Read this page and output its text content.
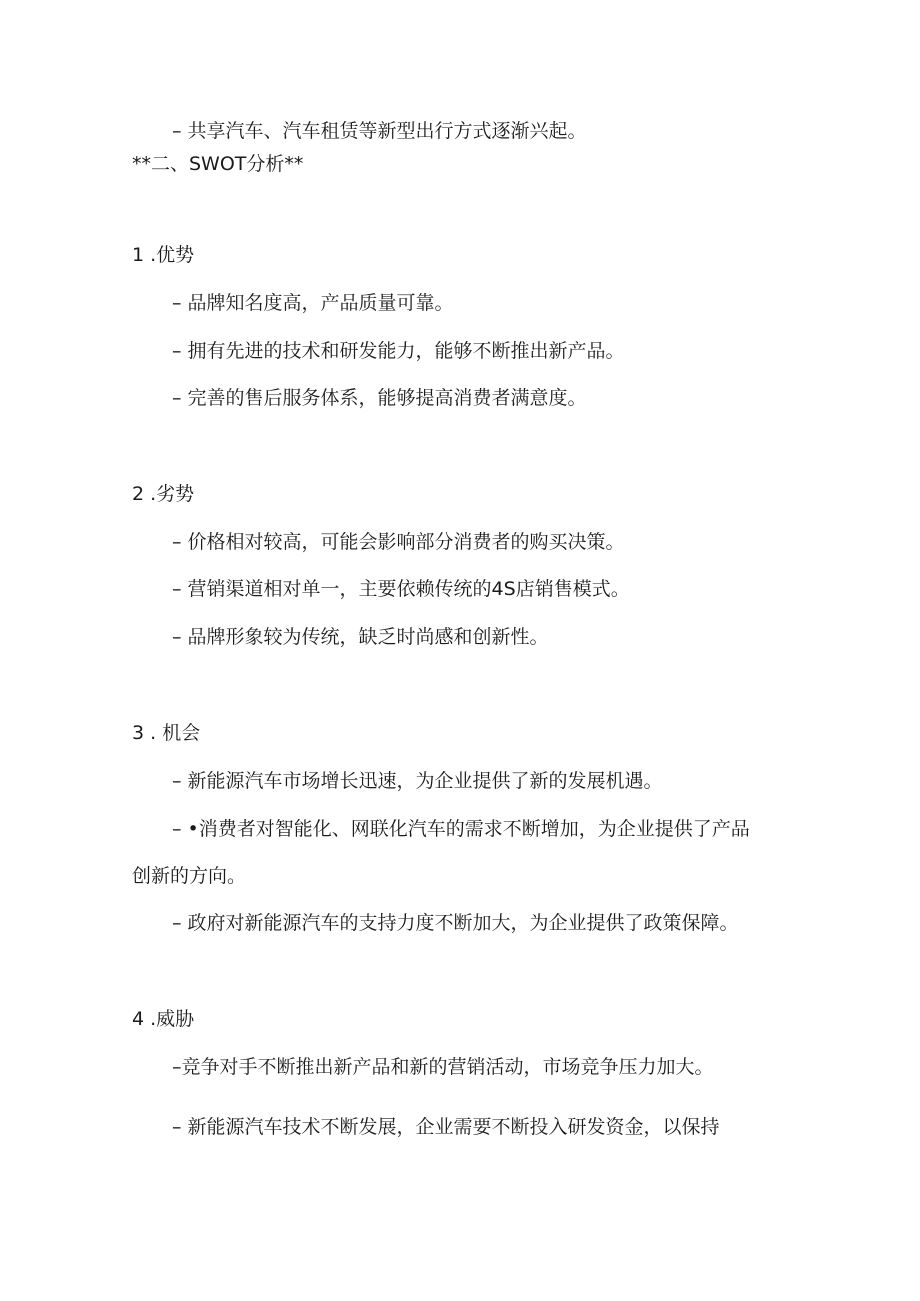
– 共享汽车、汽车租赁等新型出行方式逐渐兴起。
**二、SWOT分析**
1 .优势
– 品牌知名度高，产品质量可靠。
– 拥有先进的技术和研发能力，能够不断推出新产品。
– 完善的售后服务体系，能够提高消费者满意度。
2 .劣势
– 价格相对较高，可能会影响部分消费者的购买决策。
– 营销渠道相对单一，主要依赖传统的4S店销售模式。
– 品牌形象较为传统，缺乏时尚感和创新性。
3 . 机会
– 新能源汽车市场增长迅速，为企业提供了新的发展机遇。
– •消费者对智能化、网联化汽车的需求不断增加，为企业提供了产品
创新的方向。
– 政府对新能源汽车的支持力度不断加大，为企业提供了政策保障。
4 .威胁
–竞争对手不断推出新产品和新的营销活动，市场竞争压力加大。
– 新能源汽车技术不断发展，企业需要不断投入研发资金，以保持
